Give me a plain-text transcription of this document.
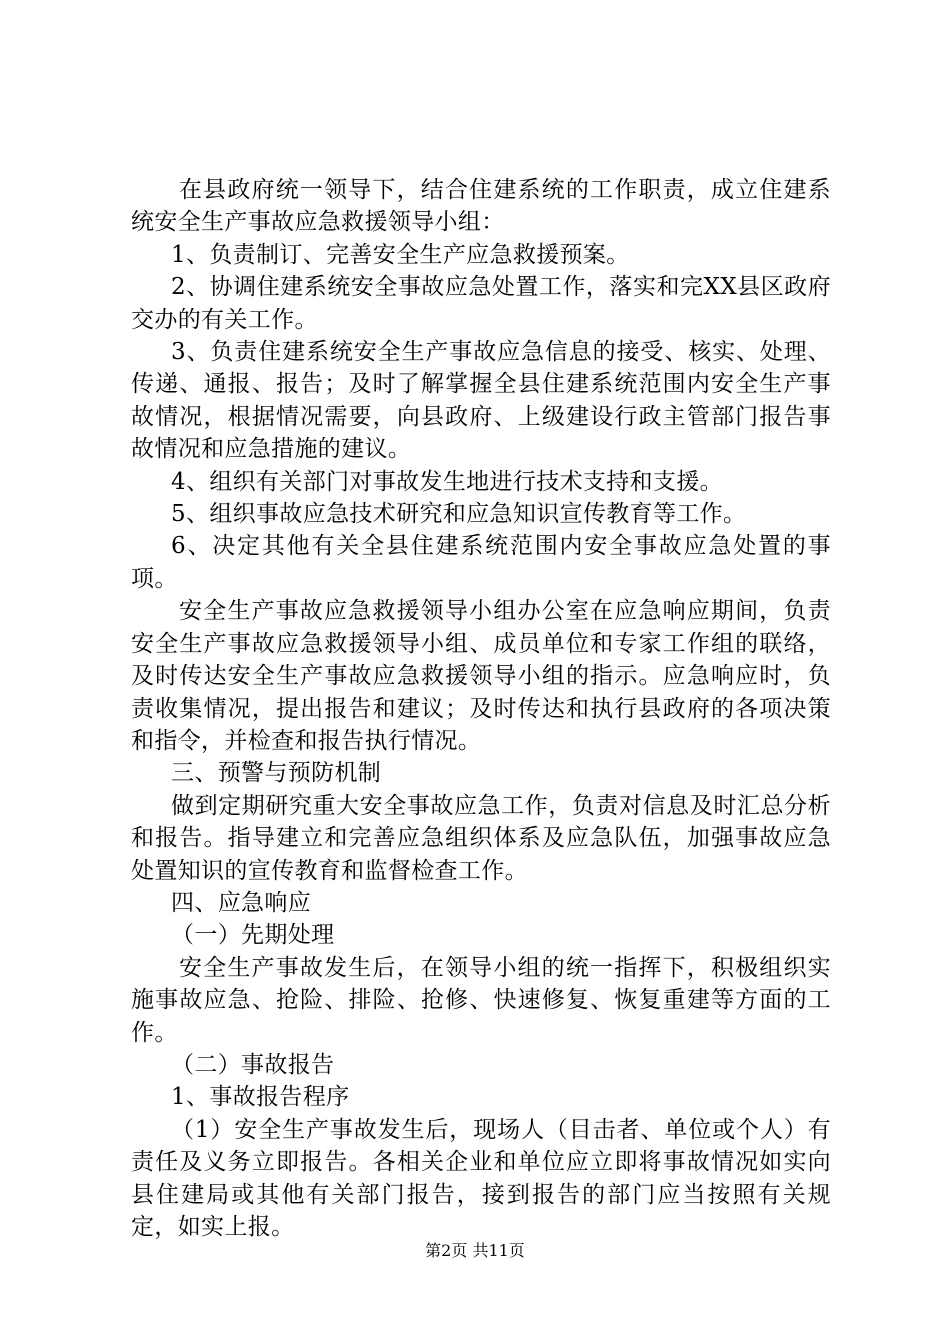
在县政府统一领导下，结合住建系统的工作职责，成立住建系统安全生产事故应急救援领导小组：

1、负责制订、完善安全生产应急救援预案。

2、协调住建系统安全事故应急处置工作，落实和完XX县区政府交办的有关工作。

3、负责住建系统安全生产事故应急信息的接受、核实、处理、传递、通报、报告；及时了解掌握全县住建系统范围内安全生产事故情况，根据情况需要，向县政府、上级建设行政主管部门报告事故情况和应急措施的建议。

4、组织有关部门对事故发生地进行技术支持和支援。

5、组织事故应急技术研究和应急知识宣传教育等工作。

6、决定其他有关全县住建系统范围内安全事故应急处置的事项。

安全生产事故应急救援领导小组办公室在应急响应期间，负责安全生产事故应急救援领导小组、成员单位和专家工作组的联络，及时传达安全生产事故应急救援领导小组的指示。应急响应时，负责收集情况，提出报告和建议；及时传达和执行县政府的各项决策和指令，并检查和报告执行情况。

三、预警与预防机制

做到定期研究重大安全事故应急工作，负责对信息及时汇总分析和报告。指导建立和完善应急组织体系及应急队伍，加强事故应急处置知识的宣传教育和监督检查工作。

四、应急响应

（一）先期处理

安全生产事故发生后，在领导小组的统一指挥下，积极组织实施事故应急、抢险、排险、抢修、快速修复、恢复重建等方面的工作。

（二）事故报告

1、事故报告程序

（1）安全生产事故发生后，现场人（目击者、单位或个人）有责任及义务立即报告。各相关企业和单位应立即将事故情况如实向县住建局或其他有关部门报告，接到报告的部门应当按照有关规定，如实上报。

第2页 共11页
